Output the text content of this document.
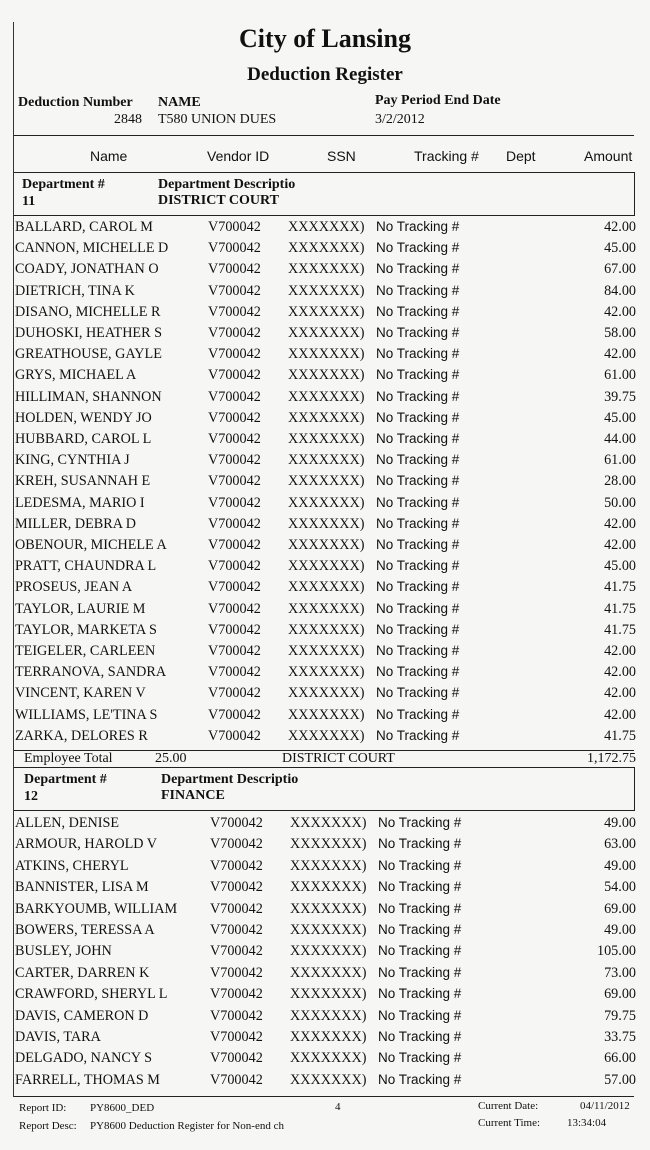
City of Lansing
Deduction Register
Deduction Number
2848
NAME
T580 UNION DUES
Pay Period End Date
3/2/2012
Name	Vendor ID	SSN	Tracking # Dept	Amount
Department #	Department Descriptio
11	DISTRICT COURT
BALLARD, CAROL M	V700042 XXXXXXX) No Tracking #	42.00
CANNON, MICHELLE D	V700042 XXXXXXX) No Tracking #	45.00
COADY, JONATHAN O	V700042 XXXXXXX) No Tracking #	67.00
DIETRICH, TINA K	V700042 XXXXXXX) No Tracking #	84.00
DISANO, MICHELLE R	V700042 XXXXXXX) No Tracking #	42.00
DUHOSKI, HEATHER S	V700042 XXXXXXX) No Tracking #	58.00
GREATHOUSE, GAYLE	V700042 XXXXXXX) No Tracking #	42.00
GRYS, MICHAEL A	V700042 XXXXXXX) No Tracking #	61.00
HILLIMAN, SHANNON	V700042 XXXXXXX) No Tracking #	39.75
HOLDEN, WENDY JO	V700042 XXXXXXX) No Tracking #	45.00
HUBBARD, CAROL L	V700042 XXXXXXX) No Tracking #	44.00
KING, CYNTHIA J	V700042 XXXXXXX) No Tracking #	61.00
KREH, SUSANNAH E	V700042 XXXXXXX) No Tracking #	28.00
LEDESMA, MARIO I	V700042 XXXXXXX) No Tracking #	50.00
MILLER, DEBRA D	V700042 XXXXXXX) No Tracking #	42.00
OBENOUR, MICHELE A	V700042 XXXXXXX) No Tracking #	42.00
PRATT, CHAUNDRA L	V700042 XXXXXXX) No Tracking #	45.00
PROSEUS, JEAN A	V700042 XXXXXXX) No Tracking #	41.75
TAYLOR, LAURIE M	V700042 XXXXXXX) No Tracking #	41.75
TAYLOR, MARKETA S	V700042 XXXXXXX) No Tracking #	41.75
TEIGELER, CARLEEN	V700042 XXXXXXX) No Tracking #	42.00
TERRANOVA, SANDRA	V700042 XXXXXXX) No Tracking #	42.00
VINCENT, KAREN V	V700042 XXXXXXX) No Tracking #	42.00
WILLIAMS, LE'TINA S	V700042 XXXXXXX) No Tracking #	42.00
ZARKA, DELORES R	V700042 XXXXXXX) No Tracking #	41.75
Employee Total	25.00	DISTRICT COURT	1,172.75
Department #	Department Descriptio
12	FINANCE
ALLEN, DENISE	V700042 XXXXXXX) No Tracking #	49.00
ARMOUR, HAROLD V	V700042 XXXXXXX) No Tracking #	63.00
ATKINS, CHERYL	V700042 XXXXXXX) No Tracking #	49.00
BANNISTER, LISA M	V700042 XXXXXXX) No Tracking #	54.00
BARKYOUMB, WILLIAM V700042 XXXXXXX) No Tracking #	69.00
BOWERS, TERESSA A	V700042 XXXXXXX) No Tracking #	49.00
BUSLEY, JOHN	V700042 XXXXXXX) No Tracking #	105.00
CARTER, DARREN K	V700042 XXXXXXX) No Tracking #	73.00
CRAWFORD, SHERYL L	V700042 XXXXXXX) No Tracking #	69.00
DAVIS, CAMERON D	V700042 XXXXXXX) No Tracking #	79.75
DAVIS, TARA	V700042 XXXXXXX) No Tracking #	33.75
DELGADO, NANCY S	V700042 XXXXXXX) No Tracking #	66.00
FARRELL, THOMAS M	V700042 XXXXXXX) No Tracking #	57.00
Report ID: PY8600_DED	4
Report Desc: PY8600 Deduction Register for Non-end ch
Current Date:	04/11/2012
Current Time: 13:34:04
